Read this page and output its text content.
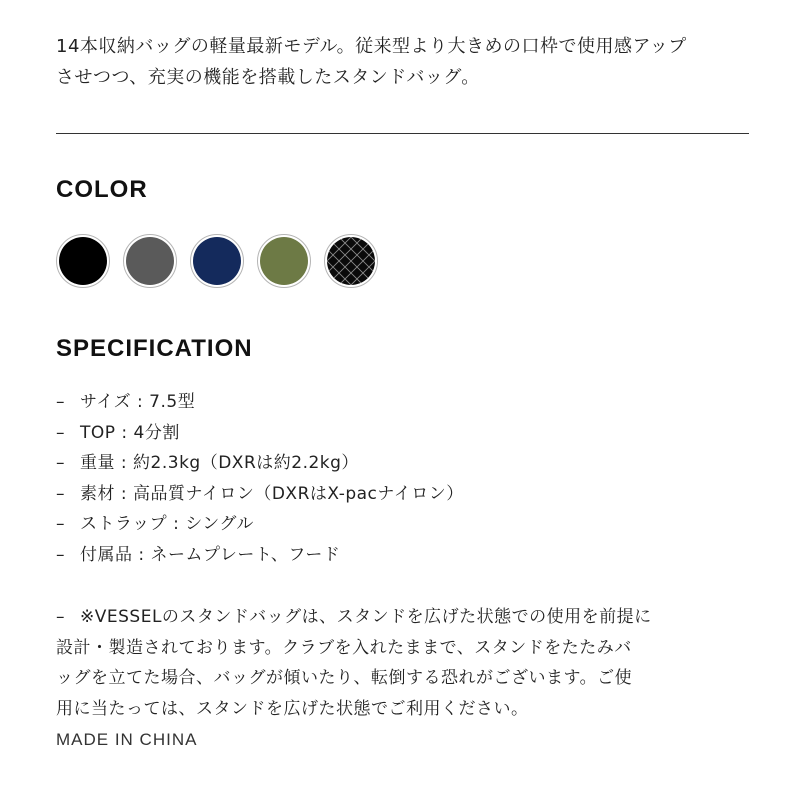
14本収納バッグの軽量最新モデル。従来型より大きめの口枠で使用感アップ

させつつ、充実の機能を搭載したスタンドバッグ。

COLOR
SPECIFICATION
– サイズ : 7.5型
– TOP : 4分割
– 重量 : 約2.3kg（DXRは約2.2kg）
– 素材 : 高品質ナイロン（DXRはX-pacナイロン）
– ストラップ : シングル
– 付属品 : ネームプレート、フード
– ※VESSELのスタンドバッグは、スタンドを広げた状態での使用を前提に
設計・製造されております。クラブを入れたままで、スタンドをたたみバ
ッグを立てた場合、バッグが傾いたり、転倒する恐れがございます。ご使
用に当たっては、スタンドを広げた状態でご利用ください。
MADE IN CHINA
